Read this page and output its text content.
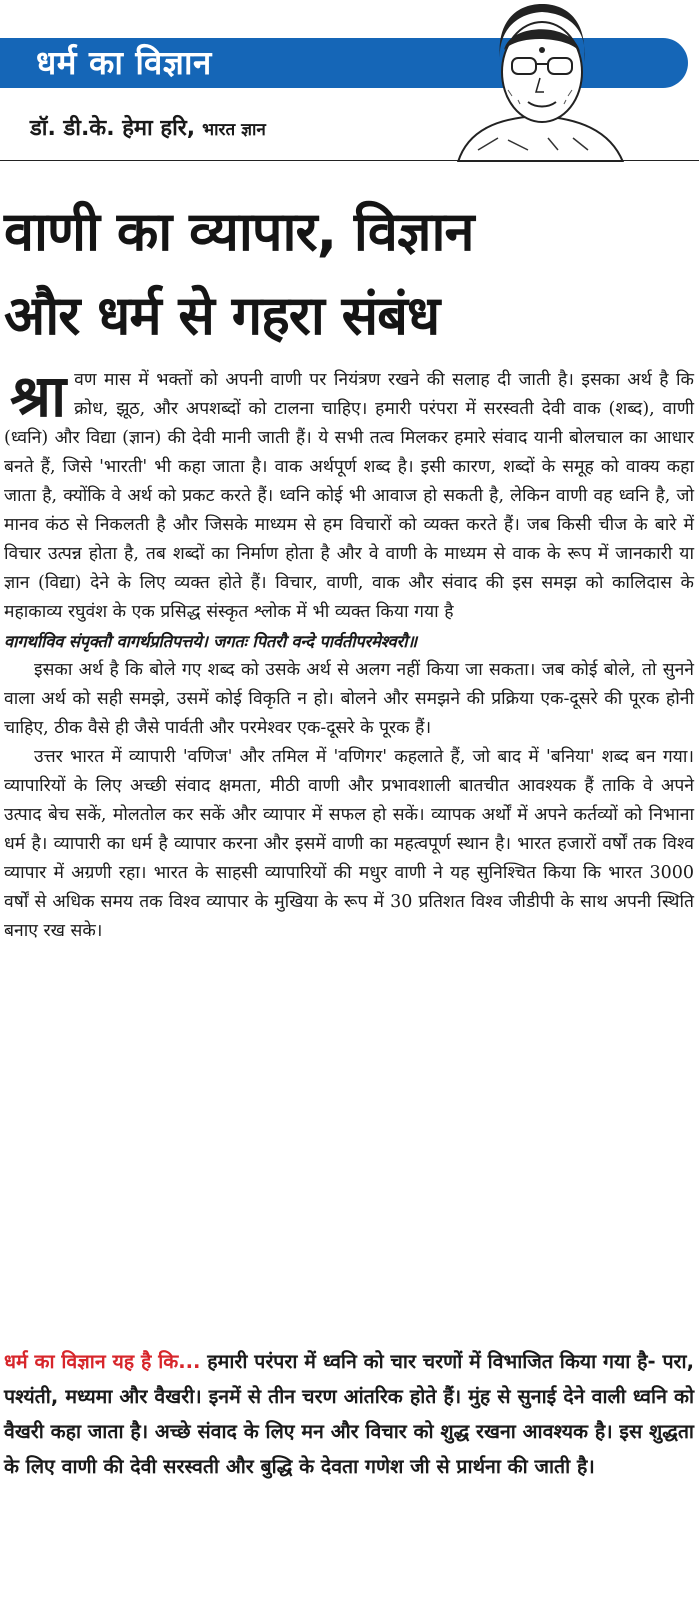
धर्म का विज्ञान
डॉ. डी.के. हेमा हरि, भारत ज्ञान
वाणी का व्यापार, विज्ञान
और धर्म से गहरा संबंध
श्रा वण मास में भक्तों को अपनी वाणी पर नियंत्रण रखने की सलाह दी जाती है। इसका अर्थ है कि क्रोध, झूठ, और अपशब्दों को टालना चाहिए। हमारी परंपरा में सरस्वती देवी वाक (शब्द), वाणी (ध्वनि) और विद्या (ज्ञान) की देवी मानी जाती हैं। ये सभी तत्व मिलकर हमारे संवाद यानी बोलचाल का आधार बनते हैं, जिसे 'भारती' भी कहा जाता है। वाक अर्थपूर्ण शब्द है। इसी कारण, शब्दों के समूह को वाक्य कहा जाता है, क्योंकि वे अर्थ को प्रकट करते हैं। ध्वनि कोई भी आवाज हो सकती है, लेकिन वाणी वह ध्वनि है, जो मानव कंठ से निकलती है और जिसके माध्यम से हम विचारों को व्यक्त करते हैं। जब किसी चीज के बारे में विचार उत्पन्न होता है, तब शब्दों का निर्माण होता है और वे वाणी के माध्यम से वाक के रूप में जानकारी या ज्ञान (विद्या) देने के लिए व्यक्त होते हैं। विचार, वाणी, वाक और संवाद की इस समझ को कालिदास के महाकाव्य रघुवंश के एक प्रसिद्ध संस्कृत श्लोक में भी व्यक्त किया गया है

वागर्थाविव संपृक्तौ वागर्थप्रतिपत्तये। जगतः पितरौ वन्दे पार्वतीपरमेश्वरौ॥

इसका अर्थ है कि बोले गए शब्द को उसके अर्थ से अलग नहीं किया जा सकता। जब कोई बोले, तो सुनने वाला अर्थ को सही समझे, उसमें कोई विकृति न हो। बोलने और समझने की प्रक्रिया एक-दूसरे की पूरक होनी चाहिए, ठीक वैसे ही जैसे पार्वती और परमेश्वर एक-दूसरे के पूरक हैं।

उत्तर भारत में व्यापारी 'वणिज' और तमिल में 'वणिगर' कहलाते हैं, जो बाद में 'बनिया' शब्द बन गया। व्यापारियों के लिए अच्छी संवाद क्षमता, मीठी वाणी और प्रभावशाली बातचीत आवश्यक हैं ताकि वे अपने उत्पाद बेच सकें, मोलतोल कर सकें और व्यापार में सफल हो सकें। व्यापक अर्थों में अपने कर्तव्यों को निभाना धर्म है। व्यापारी का धर्म है व्यापार करना और इसमें वाणी का महत्वपूर्ण स्थान है। भारत हजारों वर्षों तक विश्व व्यापार में अग्रणी रहा। भारत के साहसी व्यापारियों की मधुर वाणी ने यह सुनिश्चित किया कि भारत 3000 वर्षों से अधिक समय तक विश्व व्यापार के मुखिया के रूप में 30 प्रतिशत विश्व जीडीपी के साथ अपनी स्थिति बनाए रख सके।

धर्म का विज्ञान यह है कि... हमारी परंपरा में ध्वनि को चार चरणों में विभाजित किया गया है- परा, पश्यंती, मध्यमा और वैखरी। इनमें से तीन चरण आंतरिक होते हैं। मुंह से सुनाई देने वाली ध्वनि को वैखरी कहा जाता है। अच्छे संवाद के लिए मन और विचार को शुद्ध रखना आवश्यक है। इस शुद्धता के लिए वाणी की देवी सरस्वती और बुद्धि के देवता गणेश जी से प्रार्थना की जाती है।
